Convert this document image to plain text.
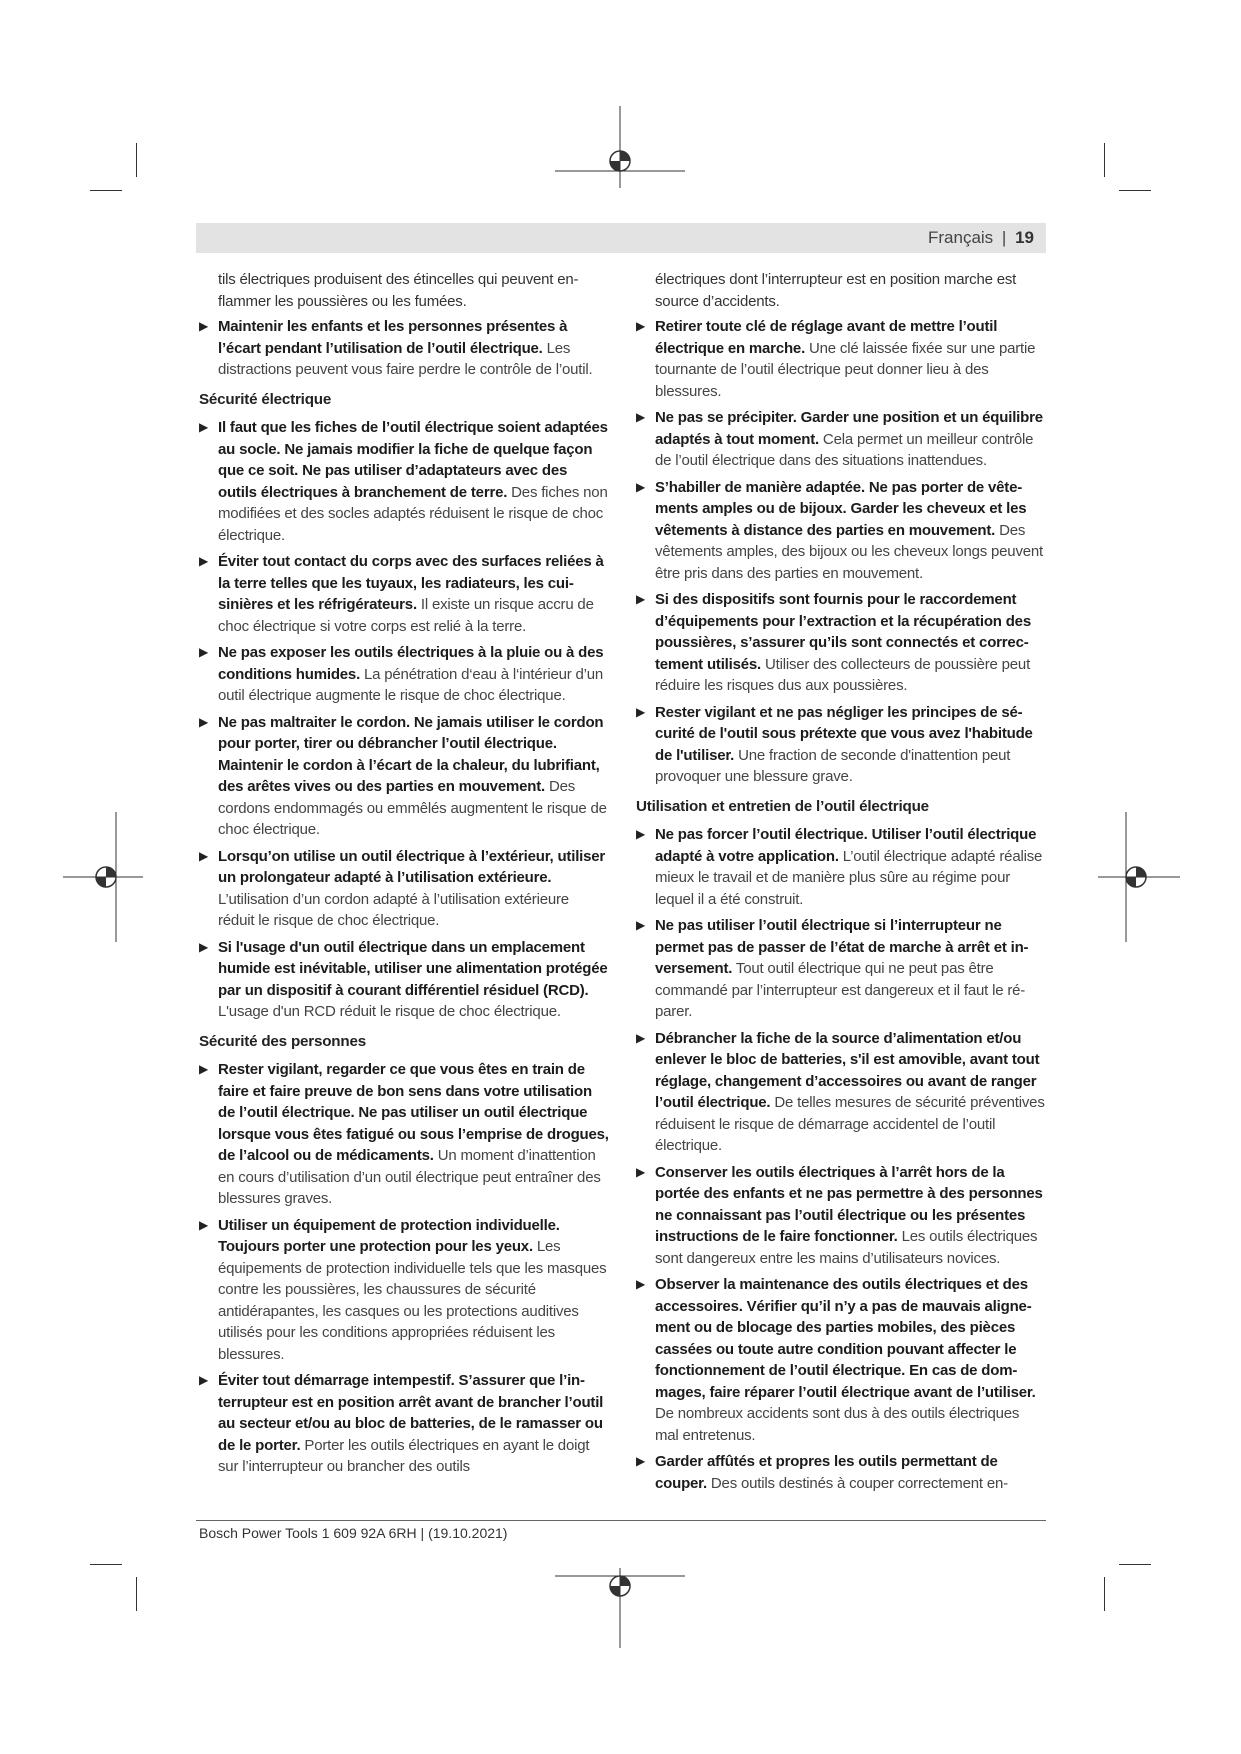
Français | 19

tils électriques produisent des étincelles qui peuvent enflammer les poussières ou les fumées.

▶ Maintenir les enfants et les personnes présentes à l’écart pendant l’utilisation de l’outil électrique. Les distractions peuvent vous faire perdre le contrôle de l’outil.
Sécurité électrique
▶ Il faut que les fiches de l’outil électrique soient adaptées au socle. Ne jamais modifier la fiche de quelque façon que ce soit. Ne pas utiliser d’adaptateurs avec des outils électriques à branchement de terre. Des fiches non modifiées et des socles adaptés réduisent le risque de choc électrique.
▶ Éviter tout contact du corps avec des surfaces reliées à la terre telles que les tuyaux, les radiateurs, les cuisinières et les réfrigérateurs. Il existe un risque accru de choc électrique si votre corps est relié à la terre.
▶ Ne pas exposer les outils électriques à la pluie ou à des conditions humides. La pénétration d‘eau à l‘intérieur d’un outil électrique augmente le risque de choc électrique.
▶ Ne pas maltraiter le cordon. Ne jamais utiliser le cordon pour porter, tirer ou débrancher l’outil électrique. Maintenir le cordon à l’écart de la chaleur, du lubrifiant, des arêtes vives ou des parties en mouvement. Des cordons endommagés ou emmêlés augmentent le risque de choc électrique.
▶ Lorsqu’on utilise un outil électrique à l’extérieur, utiliser un prolongateur adapté à l’utilisation extérieure. L’utilisation d’un cordon adapté à l’utilisation extérieure réduit le risque de choc électrique.
▶ Si l'usage d'un outil électrique dans un emplacement humide est inévitable, utiliser une alimentation protégée par un dispositif à courant différentiel résiduel (RCD). L'usage d'un RCD réduit le risque de choc électrique.
Sécurité des personnes
▶ Rester vigilant, regarder ce que vous êtes en train de faire et faire preuve de bon sens dans votre utilisation de l’outil électrique. Ne pas utiliser un outil électrique lorsque vous êtes fatigué ou sous l’emprise de drogues, de l’alcool ou de médicaments. Un moment d’inattention en cours d’utilisation d’un outil électrique peut entraîner des blessures graves.
▶ Utiliser un équipement de protection individuelle. Toujours porter une protection pour les yeux. Les équipements de protection individuelle tels que les masques contre les poussières, les chaussures de sécurité antidérapantes, les casques ou les protections auditives utilisés pour les conditions appropriées réduisent les blessures.
▶ Éviter tout démarrage intempestif. S’assurer que l’interrupteur est en position arrêt avant de brancher l’outil au secteur et/ou au bloc de batteries, de le ramasser ou de le porter. Porter les outils électriques en ayant le doigt sur l’interrupteur ou brancher des outils

électriques dont l’interrupteur est en position marche est source d’accidents.

▶ Retirer toute clé de réglage avant de mettre l’outil électrique en marche. Une clé laissée fixée sur une partie tournante de l’outil électrique peut donner lieu à des blessures.
▶ Ne pas se précipiter. Garder une position et un équilibre adaptés à tout moment. Cela permet un meilleur contrôle de l’outil électrique dans des situations inattendues.
▶ S’habiller de manière adaptée. Ne pas porter de vêtements amples ou de bijoux. Garder les cheveux et les vêtements à distance des parties en mouvement. Des vêtements amples, des bijoux ou les cheveux longs peuvent être pris dans des parties en mouvement.
▶ Si des dispositifs sont fournis pour le raccordement d’équipements pour l’extraction et la récupération des poussières, s’assurer qu’ils sont connectés et correctement utilisés. Utiliser des collecteurs de poussière peut réduire les risques dus aux poussières.
▶ Rester vigilant et ne pas négliger les principes de sécurité de l'outil sous prétexte que vous avez l'habitude de l'utiliser. Une fraction de seconde d'inattention peut provoquer une blessure grave.
Utilisation et entretien de l’outil électrique
▶ Ne pas forcer l’outil électrique. Utiliser l’outil électrique adapté à votre application. L’outil électrique adapté réalise mieux le travail et de manière plus sûre au régime pour lequel il a été construit.
▶ Ne pas utiliser l’outil électrique si l’interrupteur ne permet pas de passer de l’état de marche à arrêt et inversement. Tout outil électrique qui ne peut pas être commandé par l’interrupteur est dangereux et il faut le réparer.
▶ Débrancher la fiche de la source d’alimentation et/ou enlever le bloc de batteries, s'il est amovible, avant tout réglage, changement d’accessoires ou avant de ranger l’outil électrique. De telles mesures de sécurité préventives réduisent le risque de démarrage accidentel de l’outil électrique.
▶ Conserver les outils électriques à l’arrêt hors de la portée des enfants et ne pas permettre à des personnes ne connaissant pas l’outil électrique ou les présentes instructions de le faire fonctionner. Les outils électriques sont dangereux entre les mains d’utilisateurs novices.
▶ Observer la maintenance des outils électriques et des accessoires. Vérifier qu’il n’y a pas de mauvais alignement ou de blocage des parties mobiles, des pièces cassées ou toute autre condition pouvant affecter le fonctionnement de l’outil électrique. En cas de dommages, faire réparer l’outil électrique avant de l’utiliser. De nombreux accidents sont dus à des outils électriques mal entretenus.
▶ Garder affûtés et propres les outils permettant de couper. Des outils destinés à couper correctement en-
Bosch Power Tools 1 609 92A 6RH | (19.10.2021)
